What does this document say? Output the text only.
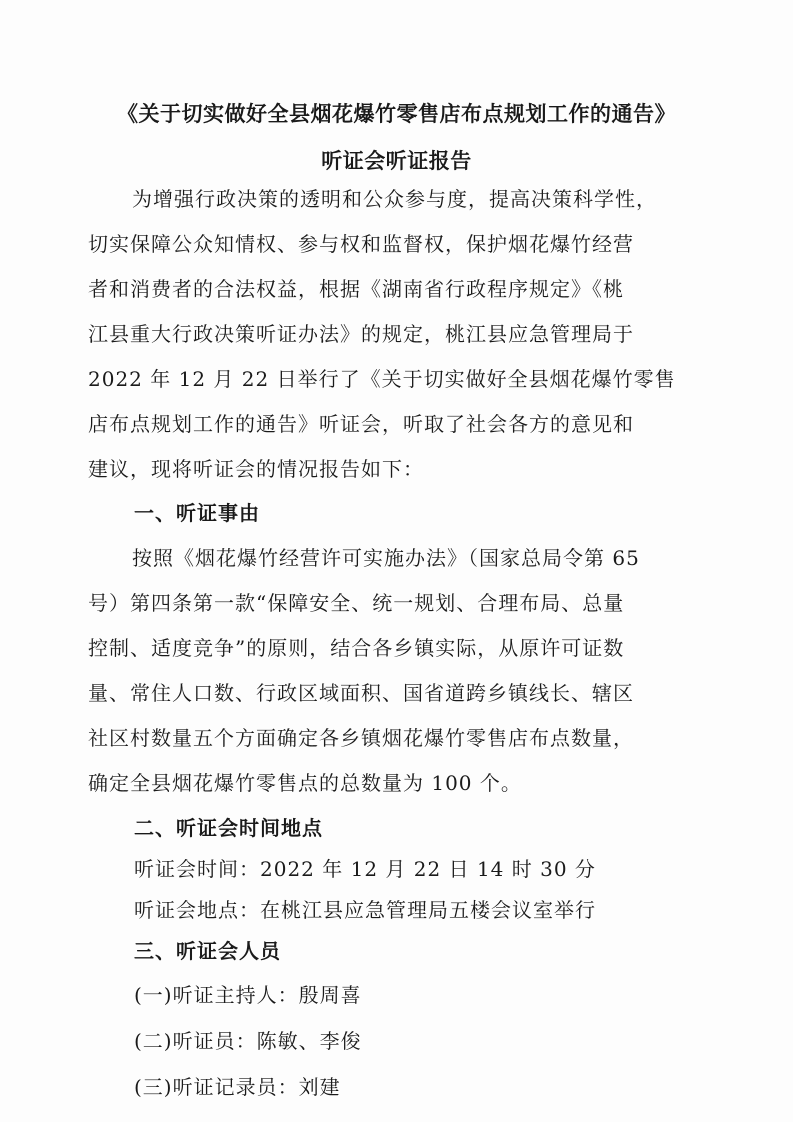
《关于切实做好全县烟花爆竹零售店布点规划工作的通告》
听证会听证报告
为增强行政决策的透明和公众参与度，提高决策科学性，
切实保障公众知情权、参与权和监督权，保护烟花爆竹经营
者和消费者的合法权益，根据《湖南省行政程序规定》《桃
江县重大行政决策听证办法》的规定，桃江县应急管理局于
2022 年 12 月 22 日举行了《关于切实做好全县烟花爆竹零售
店布点规划工作的通告》听证会，听取了社会各方的意见和
建议，现将听证会的情况报告如下：
一、听证事由
按照《烟花爆竹经营许可实施办法》（国家总局令第 65
号）第四条第一款“保障安全、统一规划、合理布局、总量
控制、适度竞争”的原则，结合各乡镇实际，从原许可证数
量、常住人口数、行政区域面积、国省道跨乡镇线长、辖区
社区村数量五个方面确定各乡镇烟花爆竹零售店布点数量，
确定全县烟花爆竹零售点的总数量为 100 个。
二、听证会时间地点
听证会时间：2022 年 12 月 22 日 14 时 30 分
听证会地点：在桃江县应急管理局五楼会议室举行
三、听证会人员
(一)听证主持人：殷周喜
(二)听证员：陈敏、李俊
(三)听证记录员：刘建
